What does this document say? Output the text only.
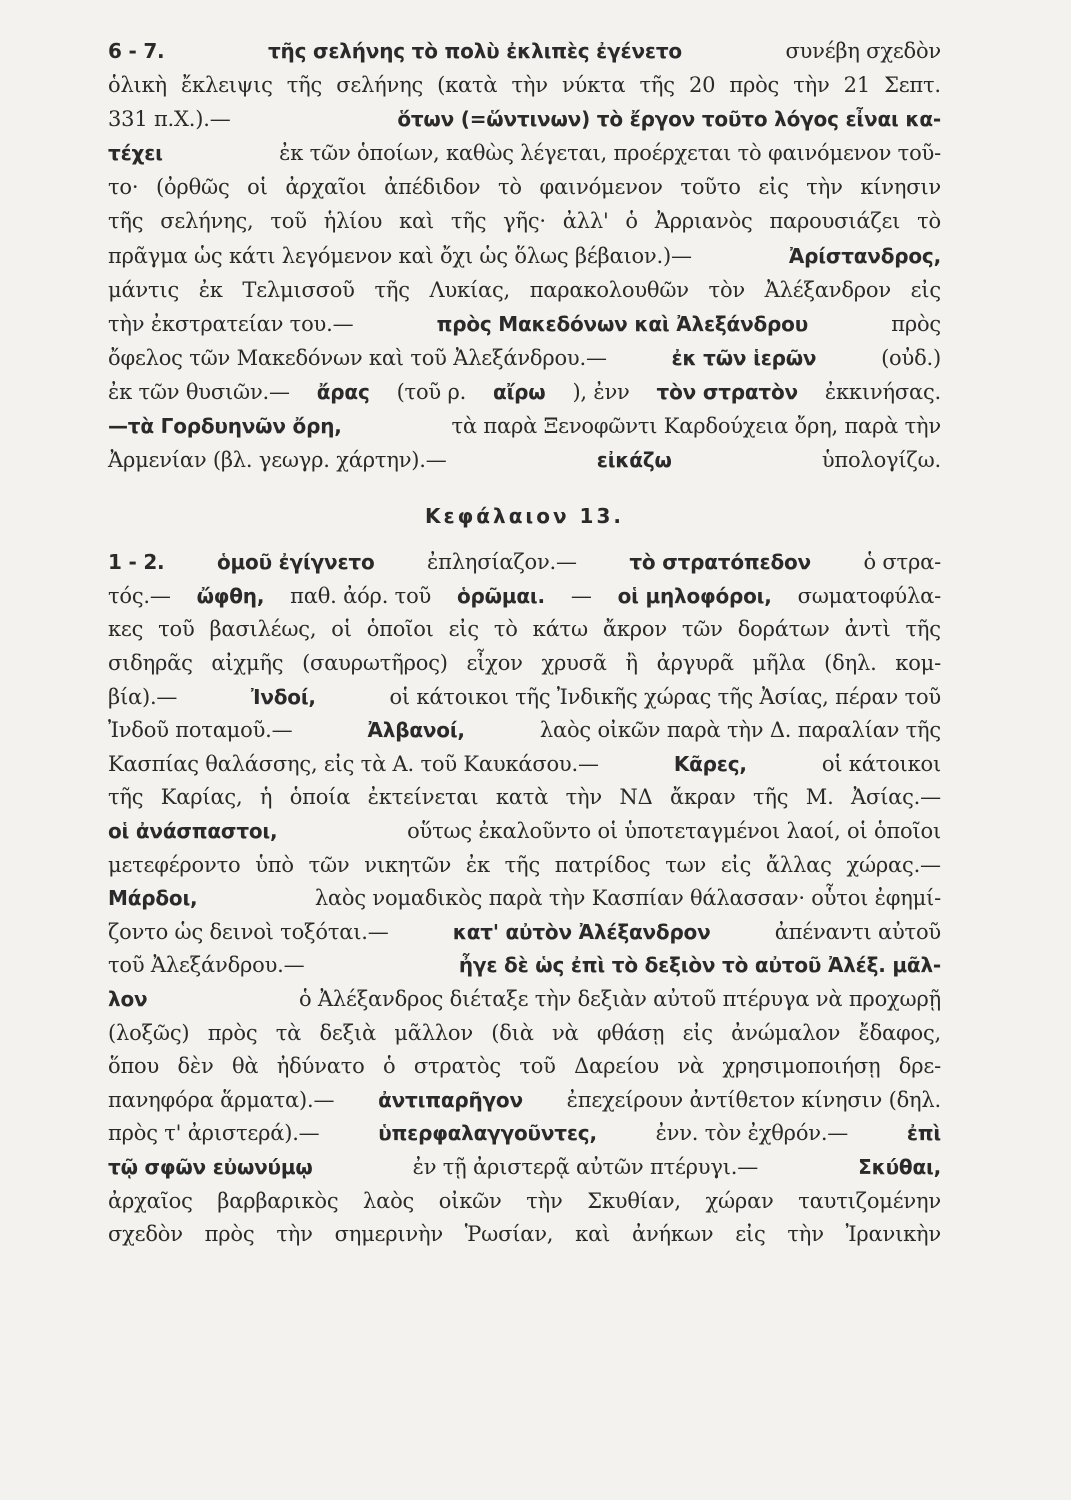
6 - 7.	τῆς σελήνης τὸ πολὺ ἐκλιπὲς ἐγένετο	συνέβη σχεδὸν
ὁλικὴ ἔκλειψις τῆς σελήνης (κατὰ τὴν νύκτα τῆς 20 πρὸς τὴν 21 Σεπτ.
331 π.Χ.).—	ὅτων (=ὥντινων) τὸ ἔργον τοῦτο λόγος εἶναι κα-
τέχει	ἐκ τῶν ὁποίων, καθὼς λέγεται, προέρχεται τὸ φαινόμενον τοῦ-
το· (ὀρθῶς οἱ ἀρχαῖοι ἀπέδιδον τὸ φαινόμενον τοῦτο εἰς τὴν κίνησιν
τῆς σελήνης, τοῦ ἡλίου καὶ τῆς γῆς· ἀλλ' ὁ Ἀρριανὸς παρουσιάζει τὸ
πρᾶγμα ὡς κάτι λεγόμενον καὶ ὄχι ὡς ὅλως βέβαιον.)—	Ἀρίστανδρος,
μάντις ἐκ Τελμισσοῦ τῆς Λυκίας, παρακολουθῶν τὸν Ἀλέξανδρον εἰς
τὴν ἐκστρατείαν του.—	πρὸς Μακεδόνων καὶ Ἀλεξάνδρου	πρὸς
ὄφελος τῶν Μακεδόνων καὶ τοῦ Ἀλεξάνδρου.—	ἐκ τῶν ἱερῶν	(οὐδ.)
ἐκ τῶν θυσιῶν.— ἄρας (τοῦ ρ. αἴρω ), ἐνν τὸν στρατὸν ἐκκινήσας.
—τὰ Γορδυηνῶν ὄρη,	τὰ παρὰ Ξενοφῶντι Καρδούχεια ὄρη, παρὰ τὴν
Ἀρμενίαν (βλ. γεωγρ. χάρτην).—	εἰκάζω	ὑπολογίζω.
Κεφάλαιον 13.
1 - 2.	ὁμοῦ ἐγίγνετο	ἐπλησίαζον.—	τὸ στρατόπεδον	ὁ στρα-
τός.— ὤφθη, παθ. ἀόρ. τοῦ ὁρῶμαι. — οἱ μηλοφόροι, σωματοφύλα-
κες τοῦ βασιλέως, οἱ ὁποῖοι εἰς τὸ κάτω ἄκρον τῶν δοράτων ἀντὶ τῆς
σιδηρᾶς αἰχμῆς (σαυρωτῆρος) εἶχον χρυσᾶ ἢ ἀργυρᾶ μῆλα (δηλ. κομ-
βία).—	Ἰνδοί,	οἱ κάτοικοι τῆς Ἰνδικῆς χώρας τῆς Ἀσίας, πέραν τοῦ
Ἰνδοῦ ποταμοῦ.—	Ἀλβανοί,	λαὸς οἰκῶν παρὰ τὴν Δ. παραλίαν τῆς
Κασπίας θαλάσσης, εἰς τὰ Α. τοῦ Καυκάσου.—	Κᾶρες,	οἱ κάτοικοι
τῆς Καρίας, ἡ ὁποία ἐκτείνεται κατὰ τὴν ΝΔ ἄκραν τῆς Μ. Ἀσίας.—
οἱ ἀνάσπαστοι,	οὕτως ἐκαλοῦντο οἱ ὑποτεταγμένοι λαοί, οἱ ὁποῖοι
μετεφέροντο ὑπὸ τῶν νικητῶν ἐκ τῆς πατρίδος των εἰς ἄλλας χώρας.—
Μάρδοι,	λαὸς νομαδικὸς παρὰ τὴν Κασπίαν θάλασσαν· οὗτοι ἐφημί-
ζοντο ὡς δεινοὶ τοξόται.—	κατ' αὐτὸν Ἀλέξανδρον	ἀπέναντι αὐτοῦ
τοῦ Ἀλεξάνδρου.—	ἦγε δὲ ὡς ἐπὶ τὸ δεξιὸν τὸ αὐτοῦ Ἀλέξ. μᾶλ-
λον	ὁ Ἀλέξανδρος διέταξε τὴν δεξιὰν αὐτοῦ πτέρυγα νὰ προχωρῇ
(λοξῶς) πρὸς τὰ δεξιὰ μᾶλλον (διὰ νὰ φθάσῃ εἰς ἀνώμαλον ἔδαφος,
ὅπου δὲν θὰ ἠδύνατο ὁ στρατὸς τοῦ Δαρείου νὰ χρησιμοποιήσῃ δρε-
πανηφόρα ἅρματα).— ἀντιπαρῆγον ἐπεχείρουν ἀντίθετον κίνησιν (δηλ.
πρὸς τ' ἀριστερά).—	ὑπερφαλαγγοῦντες,	ἐνν. τὸν ἐχθρόν.—	ἐπὶ
τῷ σφῶν εὐωνύμῳ	ἐν τῇ ἀριστερᾷ αὐτῶν πτέρυγι.—	Σκύθαι,
ἀρχαῖος βαρβαρικὸς λαὸς οἰκῶν τὴν Σκυθίαν, χώραν ταυτιζομένην
σχεδὸν πρὸς τὴν σημερινὴν Ῥωσίαν, καὶ ἀνήκων εἰς τὴν Ἰρανικὴν
